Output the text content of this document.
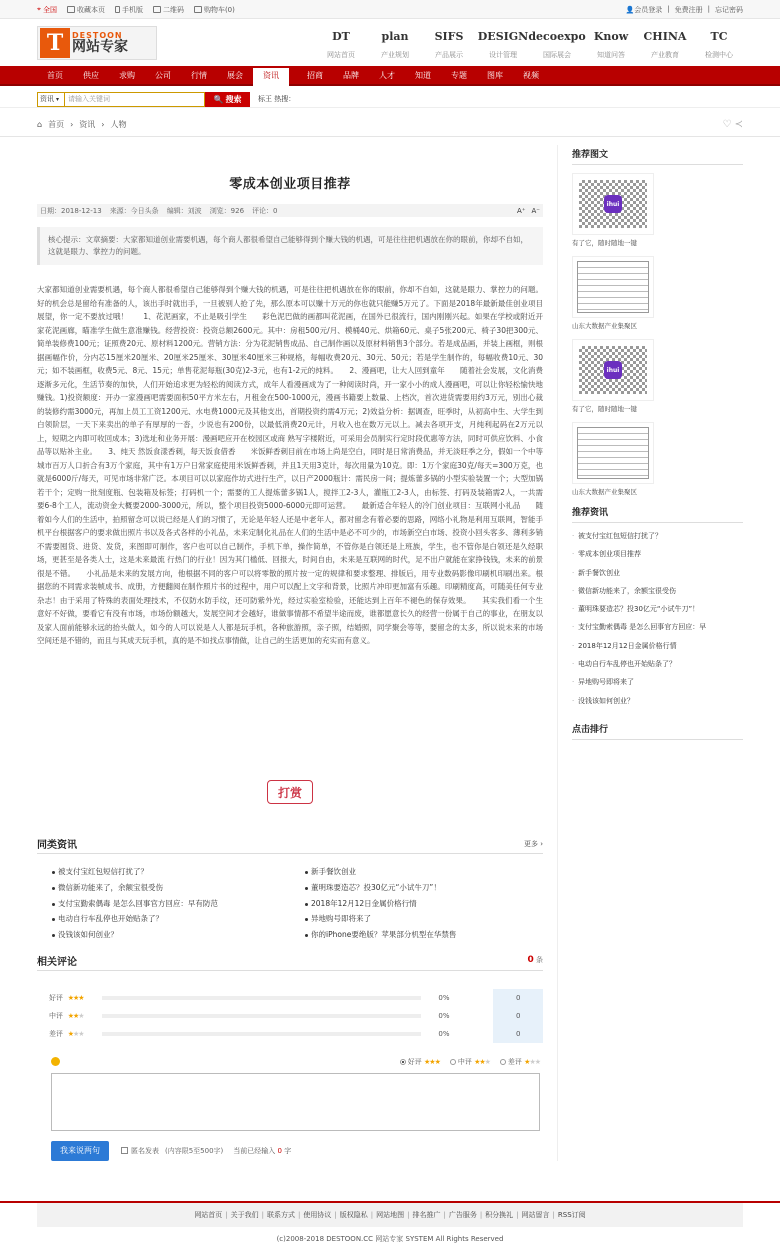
⌖ 全国	收藏本页 手机版	二维码	购物车(0)	👤会员登录 | 免费注册 | 忘记密码
T	DESTOON
网站专家
DT
网站首页
plan
产业规划
SIFS
产品展示
DESIGN
设计管理
decoexpo
国际展会
Know
知道问答
CHINA
产业教育
TC
检测中心
首页	供应	求购	公司	行情	展会	资讯	招商	品牌	人才	知道	专题	图库	视频
资讯 ▾	请输入关键词	🔍 搜索 标王 热搜：
⌂ 首页 › 资讯 › 人物	♡ ≺
零成本创业项目推荐
日期：2018-12-13 来源：今日头条 编辑：刘波 浏览：926 评论：0	A⁺ A⁻
核心提示：文章摘要：大家都知道创业需要机遇，每个商人都很希望自己能够得到个赚大钱的机遇，可是往往把机遇放在你的眼前，你却不自如，这就是眼力、掌控力的问题。
大家都知道创业需要机遇，每个商人都很希望自己能够得到个赚大钱的机遇，可是往往把机遇放在你的眼前，你却不自如，这就是眼力、掌控力的问题。好的机会总是留给有准备的人，该出手时就出手，一旦被别人抢了先，那么原本可以赚十万元的你也就只能赚5万元了。下面是2018年最新最佳创业项目展望，你一定不要放过哦！　　1、花泥画家，不止是吸引学生　　彩色泥巴做的画都叫花泥画，在国外已很流行，国内刚刚兴起。如果在学校或附近开家花泥画廊，瞄准学生做生意准赚钱。经营投资：投资总额2600元。其中：房租500元/月、模桶40元、烘箱60元、桌子5张200元、椅子30把300元、简单装修费100元；证照费20元、原材料1200元。营销方法：分为花泥销售成品、自己制作画以及原材料销售3个部分。若是成品画，并装上画框，则根据画幅作价，分内芯15厘米20厘米、20厘米25厘米、30厘米40厘米三种规格，每幅收费20元、30元、50元；若是学生制作的，每幅收费10元、30元；如不装画框，收费5元、8元、15元；单售花泥每瓶(30克)2-3元，也有1-2元的纯料。　　2、漫画吧，让大人回到童年　　随着社会发展，文化消费逐渐多元化，生活节奏的加快，人们开始追求更为轻松的阅读方式，成年人看漫画成为了一种阅读时尚，开一家小小的成人漫画吧，可以让你轻松愉快地赚钱。1)投资额度：开办一家漫画吧需要面积50平方米左右，月租金在500-1000元，漫画书籍要上数量、上档次，首次进货需要用约3万元，别出心裁的装修约需3000元，再加上员工工资1200元、水电费1000元及其他支出，首期投资约需4万元；2)效益分析：据调查，旺季时，从初高中生、大学生到白领阶层，一天下来卖出的单子有厚厚的一沓，少说也有200份，以最低消费20元计，月收入也在数万元以上。减去各项开支，月纯利起码在2万元以上，短期之内即可收回成本；3)选址和业务开展：漫画吧应开在校园区或商 熟写字楼附近，可采用会员制实行定时段优惠等方法，同时可供应饮料、小食品等以贴补主业。　　3、纯天 然饭食漾香刺，每天饭食借香　　米饭鲜香刺目前在市场上尚是空白，同时是日常消费品，并无淡旺季之分，假如一个中等城市百万人口折合有3万个家庭，其中有1万户日常家庭使用米饭鲜香刺，并且1天用3克计，每次用量为10克。即：1万个家庭30克/每天=300万克，也就是6000斤/每天，可见市场非常广泛。本项目可以以家庭作坊式进行生产，以日产2000瓶计：需民房一间；提炼蕾多锅的小型实验装置一个；大型加锅若干个；定购一批刻度瓶、包装箱及标签；打码机一个；需要的工人提炼蕾多锅1人，搅拌工2-3人，灌瓶工2-3人，由标签、打码及装箱需2人，一共需要6-8个工人，流动资金大概要2000-3000元，所以，整个项目投资5000-6000元即可运营。　　最新适合年轻人的冷门创业项目：互联网小礼品　　随着如今人们的生活中，拍照留念可以说已经是人们的习惯了，无论是年轻人还是中老年人，都对留念有着必要的思路，网络小礼物是利用互联网，智能手机平台根据客户的要求做出照片书以及各式各样的小礼品，未来定制化礼品在人们的生活中是必不可少的，市场新空白市场、投资小回头客多、薄利多销不需要囤货、进货、发货，来图即可制作，客户也可以自己制作，手机下单，操作简单，不管你是白领还是上班族，学生，也不管你是白领还是久经职场，更甚至是各类人士，这是未来最流 行热门的行业！因为其门槛低、回报大，时间自由，未来是互联网的时代，足不出户就能在家挣钱钱，未来的前景很是不错。　　小礼品是未来的发展方向，他根据不同的客户可以将零散的照片按一定的规律和要求整理、排版后，用专业数码影像印刷机印刷出来。根据您的不同需求装帧成书、成册，方便翻阅在制作照片书的过程中，用户可以配上文字和背景，比照片冲印更加富有乐趣。印刷精度高，可随美任何专业杂志！由于采用了特殊的表面处理技术，不仅防水防手纹，还可防紫外光，经过实验室检验，还能达到上百年不褪色的保存效果。　　其实我们看一个生意好不好做，要看它有没有市场，市场份额越大，发展空间才会越好，谁做事情都不希望半途而废，谁都愿意长久的经营一份属于自己的事业，在朋友以及家人面前能够永远的抬头做人，如今的人可以说是人人都是玩手机，各种旅游照，亲子照，结婚照，同学聚会等等，要留念的太多，所以说未来的市场空间还是不错的，而且与其成天玩手机，真的是不如找点事情做，让自己的生活更加的充实而有意义。
打赏
同类资讯	更多 ›
被支付宝红包短信打扰了？
微信新功能来了，余额宝很受伤
支付宝勤索偶毒 是怎么回事官方回应：早有防范
电动自行车乱停也开始贴条了？
没钱该如何创业？
新手餐饮创业
董明珠要造芯？投30亿元“小试牛刀”！
2018年12月12日金属价格行情
异地购号即将来了
你的iPhone要绝版？苹果部分机型在华禁售
相关评论	0 条
好评 ★★★	0%	0
中评 ★★★	0%	0
差评 ★★★	0%	0
好评 ★★★	中评 ★★★	差评 ★★★
我来说两句	匿名发表 (内容限5至500字) 当前已经输入 0 字
推荐图文
ihui
有了它，随时随地一键
山东大数据产业集聚区
ihui
有了它，随时随地一键
山东大数据产业集聚区
推荐资讯
· 被支付宝红包短信打扰了？
· 零成本创业项目推荐
· 新手餐饮创业
· 微信新功能来了，余额宝很受伤
· 董明珠要造芯？投30亿元“小试牛刀”！
· 支付宝勤索偶毒 是怎么回事官方回应：早
· 2018年12月12日金属价格行情
· 电动自行车乱停也开始贴条了？
· 异地购号即将来了
· 没钱该如何创业？
点击排行
网站首页 | 关于我们 | 联系方式 | 使用协议 | 版权隐私 | 网站地图 | 排名推广 | 广告服务 | 积分换礼 | 网站留言 | RSS订阅
(c)2008-2018 DESTOON.CC 网站专家 SYSTEM All Rights Reserved
